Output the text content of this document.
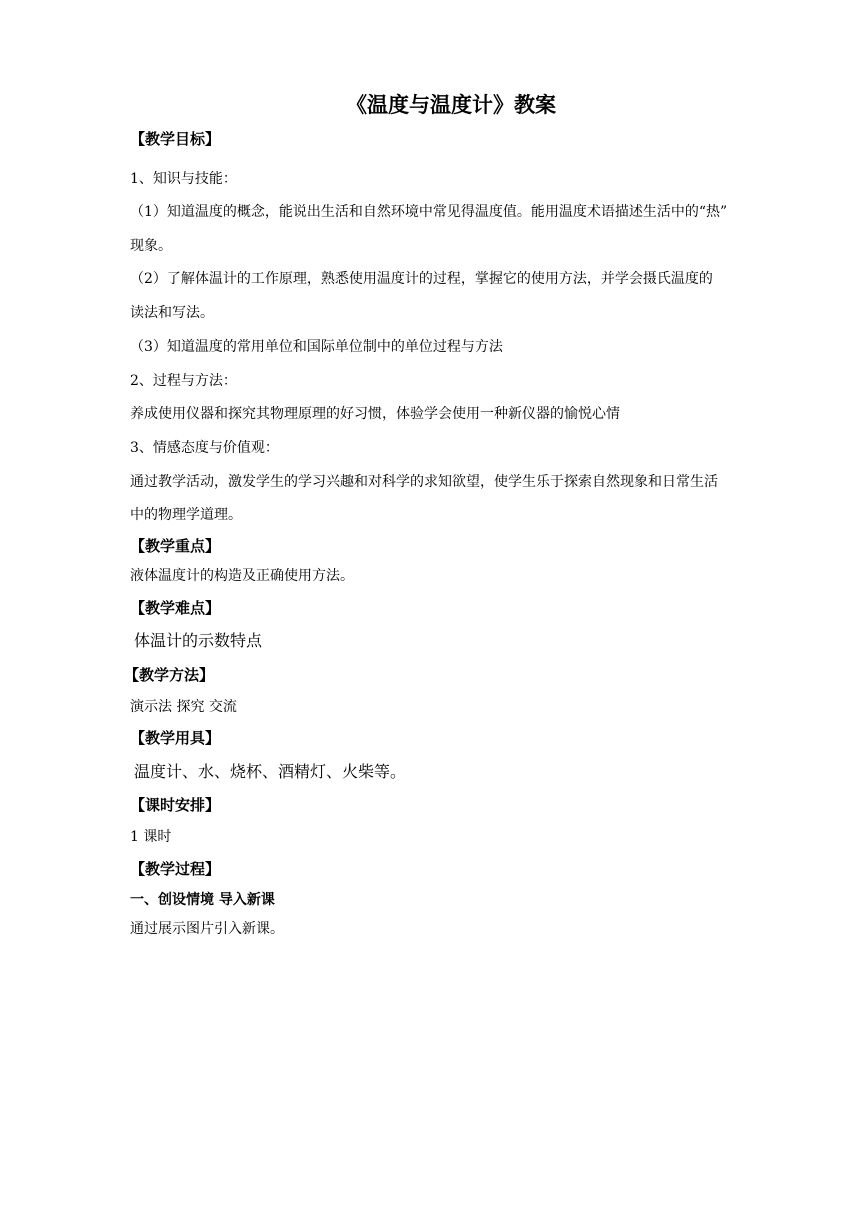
《温度与温度计》教案
【教学目标】
1、知识与技能：
（1）知道温度的概念，能说出生活和自然环境中常见得温度值。能用温度术语描述生活中的“热”
现象。
（2）了解体温计的工作原理，熟悉使用温度计的过程，掌握它的使用方法，并学会摄氏温度的
读法和写法。
（3）知道温度的常用单位和国际单位制中的单位过程与方法
2、过程与方法：
养成使用仪器和探究其物理原理的好习惯，体验学会使用一种新仪器的愉悦心情
3、情感态度与价值观：
通过教学活动，激发学生的学习兴趣和对科学的求知欲望，使学生乐于探索自然现象和日常生活
中的物理学道理。
【教学重点】
液体温度计的构造及正确使用方法。
【教学难点】
体温计的示数特点
【教学方法】
演示法 探究 交流
【教学用具】
温度计、水、烧杯、酒精灯、火柴等。
【课时安排】
1 课时
【教学过程】
一、创设情境 导入新课
通过展示图片引入新课。
